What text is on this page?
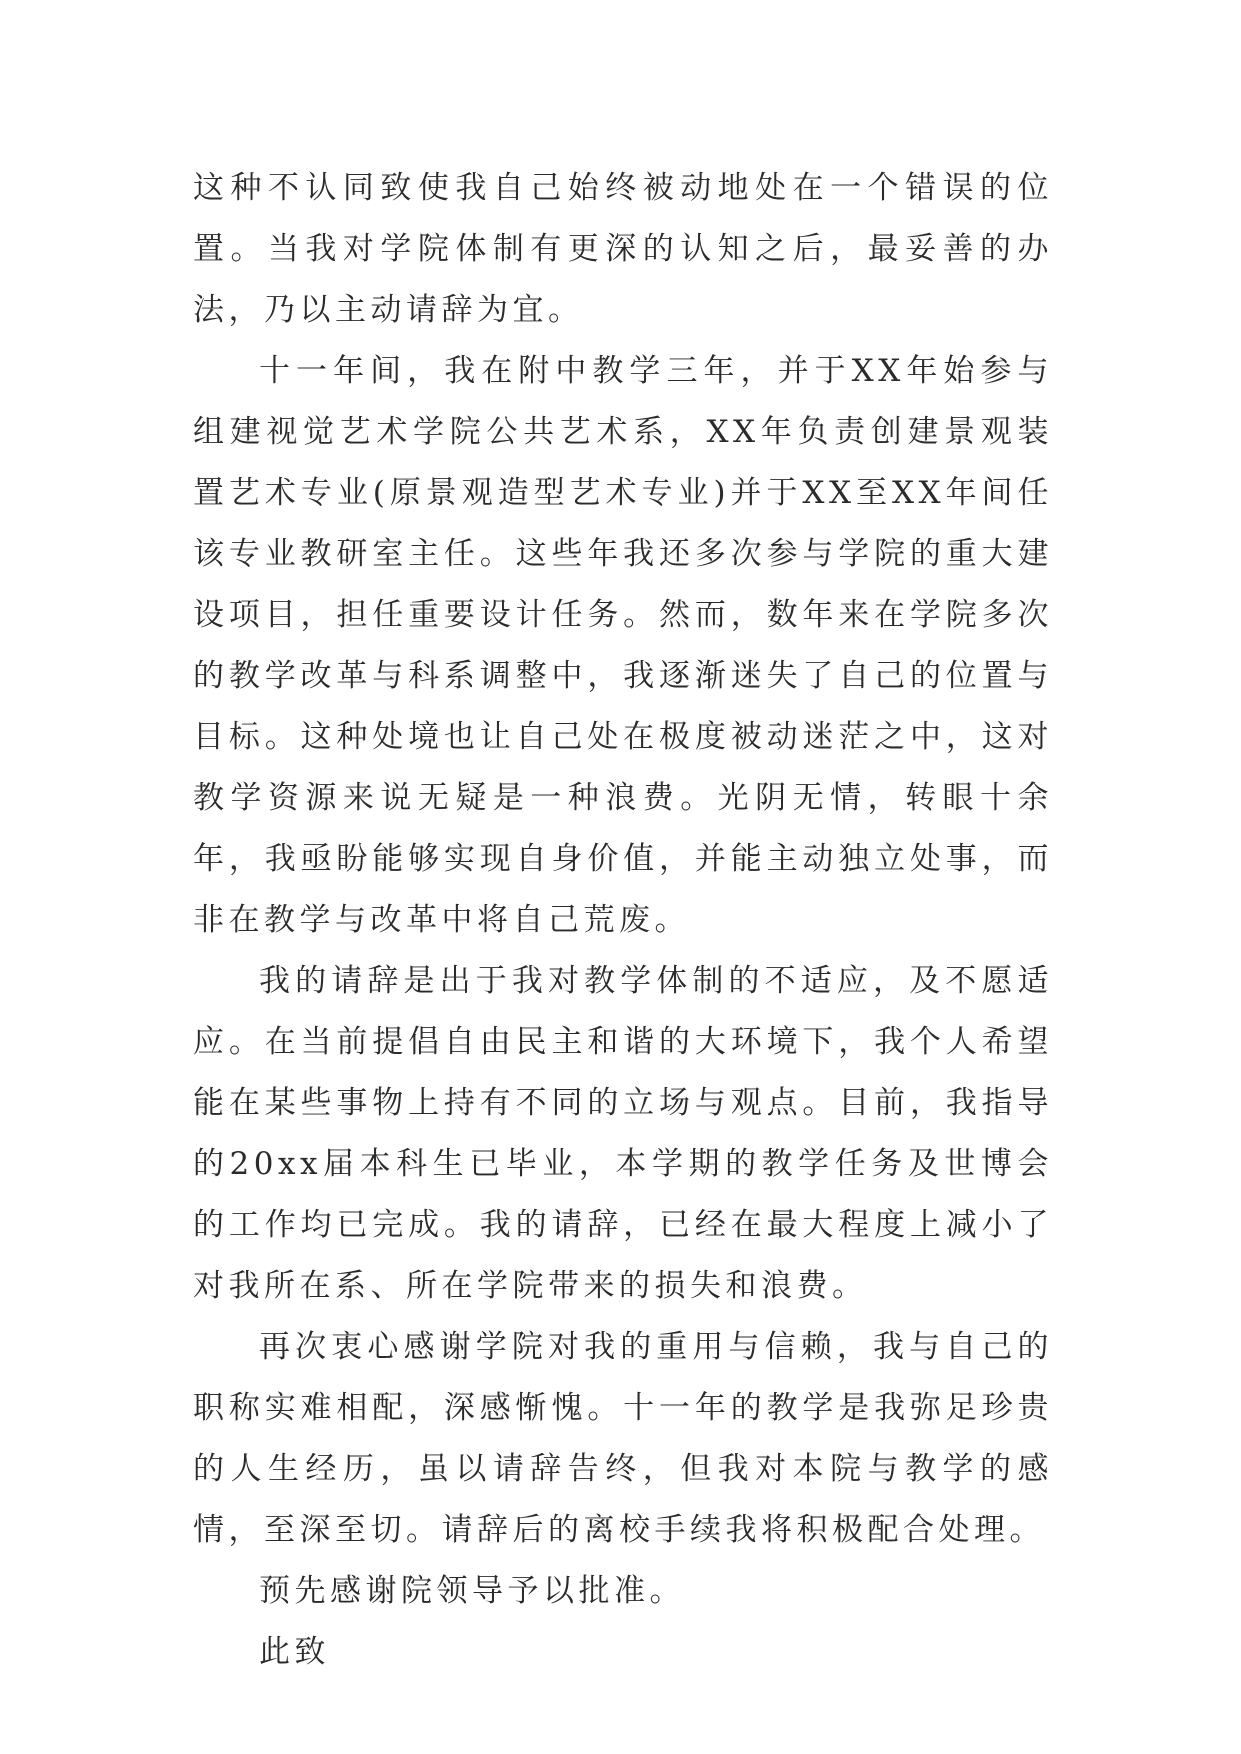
这种不认同致使我自己始终被动地处在一个错误的位置。当我对学院体制有更深的认知之后，最妥善的办法，乃以主动请辞为宜。

十一年间，我在附中教学三年，并于XX年始参与组建视觉艺术学院公共艺术系，XX年负责创建景观装置艺术专业(原景观造型艺术专业)并于XX至XX年间任该专业教研室主任。这些年我还多次参与学院的重大建设项目，担任重要设计任务。然而，数年来在学院多次的教学改革与科系调整中，我逐渐迷失了自己的位置与目标。这种处境也让自己处在极度被动迷茫之中，这对教学资源来说无疑是一种浪费。光阴无情，转眼十余年，我亟盼能够实现自身价值，并能主动独立处事，而非在教学与改革中将自己荒废。

我的请辞是出于我对教学体制的不适应，及不愿适应。在当前提倡自由民主和谐的大环境下，我个人希望能在某些事物上持有不同的立场与观点。目前，我指导的20xx届本科生已毕业，本学期的教学任务及世博会的工作均已完成。我的请辞，已经在最大程度上减小了对我所在系、所在学院带来的损失和浪费。

再次衷心感谢学院对我的重用与信赖，我与自己的职称实难相配，深感惭愧。十一年的教学是我弥足珍贵的人生经历，虽以请辞告终，但我对本院与教学的感情，至深至切。请辞后的离校手续我将积极配合处理。

预先感谢院领导予以批准。

此致
